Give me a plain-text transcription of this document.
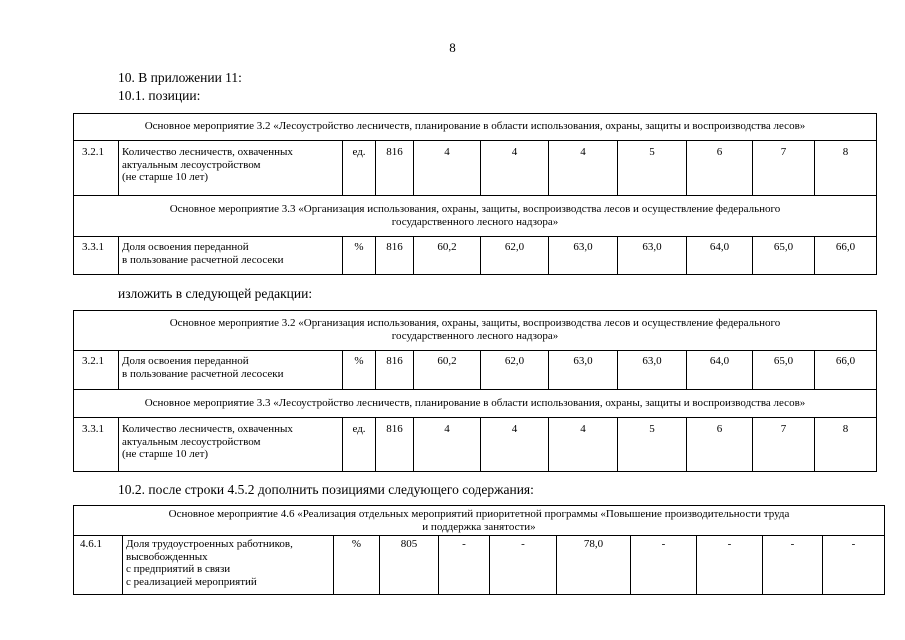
8
10. В приложении 11:
10.1. позиции:
Основное мероприятие 3.2 «Лесоустройство лесничеств, планирование в области использования, охраны, защиты и воспроизводства лесов»
3.2.1 Количество лесничеств, охваченных
актуальным лесоустройством
(не старше 10 лет)
ед.	816	4	4	4	5	6	7	8
Основное мероприятие 3.3 «Организация использования, охраны, защиты, воспроизводства лесов и осуществление федерального
государственного лесного надзора»
3.3.1 Доля освоения переданной
в пользование расчетной лесосеки
%	816	60,2	62,0	63,0	63,0	64,0	65,0	66,0
изложить в следующей редакции:
Основное мероприятие 3.2 «Организация использования, охраны, защиты, воспроизводства лесов и осуществление федерального
государственного лесного надзора»
3.2.1 Доля освоения переданной
в пользование расчетной лесосеки
%	816	60,2	62,0	63,0	63,0	64,0	65,0	66,0
Основное мероприятие 3.3 «Лесоустройство лесничеств, планирование в области использования, охраны, защиты и воспроизводства лесов»
3.3.1 Количество лесничеств, охваченных
актуальным лесоустройством
(не старше 10 лет)
ед.	816	4	4	4	5	6	7	8
10.2. после строки 4.5.2 дополнить позициями следующего содержания:
Основное мероприятие 4.6 «Реализация отдельных мероприятий приоритетной программы «Повышение производительности труда
и поддержка занятости»
4.6.1 Доля трудоустроенных работников,
высвобожденных
с предприятий в связи
с реализацией мероприятий
%	805	-	-	78,0	-	-	-	-
